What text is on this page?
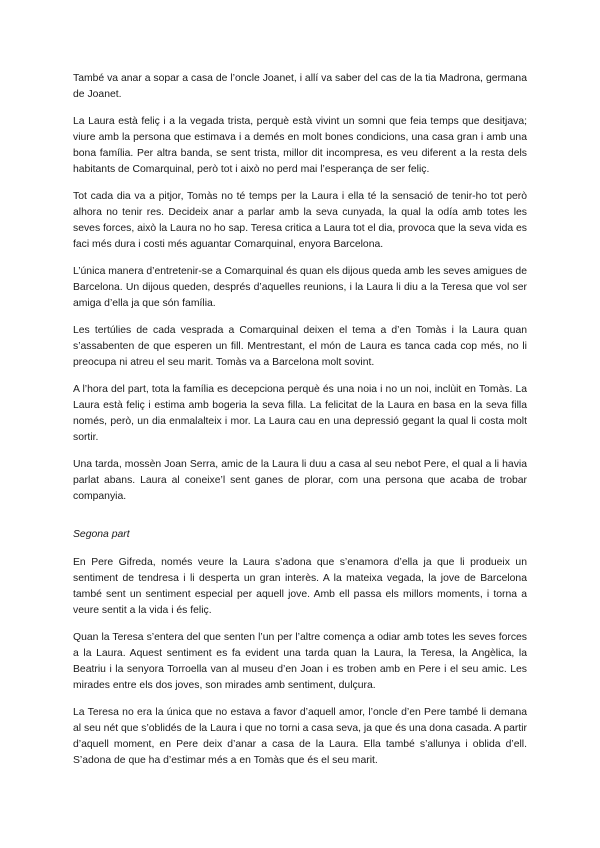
També va anar a sopar a casa de l’oncle Joanet, i allí va saber del cas de la tia Madrona, germana de Joanet.

La Laura està feliç i a la vegada trista, perquè està vivint un somni que feia temps que desitjava; viure amb la persona que estimava i a demés en molt bones condicions, una casa gran i amb una bona família. Per altra banda, se sent trista, millor dit incompresa, es veu diferent a la resta dels habitants de Comarquinal, però tot i això no perd mai l’esperança de ser feliç.

Tot cada dia va a pitjor, Tomàs no té temps per la Laura i ella té la sensació de tenir-ho tot però alhora no tenir res. Decideix anar a parlar amb la seva cunyada, la qual la odía amb totes les seves forces, això la Laura no ho sap. Teresa critica a Laura tot el dia, provoca que la seva vida es faci més dura i costi més aguantar Comarquinal, enyora Barcelona.

L’única manera d’entretenir-se a Comarquinal és quan els dijous queda amb les seves amigues de Barcelona. Un dijous queden, després d’aquelles reunions, i la Laura li diu a la Teresa que vol ser amiga d’ella ja que són família.

Les tertúlies de cada vesprada a Comarquinal deixen el tema a d’en Tomàs i la Laura quan s’assabenten de que esperen un fill. Mentrestant, el món de Laura es tanca cada cop més, no li preocupa ni atreu el seu marit. Tomàs va a Barcelona molt sovint.

A l’hora del part, tota la família es decepciona perquè és una noia i no un noi, inclùit en Tomàs. La Laura està feliç i estima amb bogeria la seva filla. La felicitat de la Laura en basa en la seva filla només, però, un dia enmalalteix i mor. La Laura cau en una depressió gegant la qual li costa molt sortir.

Una tarda, mossèn Joan Serra, amic de la Laura li duu a casa al seu nebot Pere, el qual a li havia parlat abans. Laura al coneixe’l sent ganes de plorar, com una persona que acaba de trobar companyia.

Segona part

En Pere Gifreda, només veure la Laura s’adona que s’enamora d’ella ja que li produeix un sentiment de tendresa i li desperta un gran interès. A la mateixa vegada, la jove de Barcelona també sent un sentiment especial per aquell jove. Amb ell passa els millors moments, i torna a veure sentit a la vida i és feliç.

Quan la Teresa s’entera del que senten l’un per l’altre comença a odiar amb totes les seves forces a la Laura. Aquest sentiment es fa evident una tarda quan la Laura, la Teresa, la Angèlica, la Beatriu i la senyora Torroella van al museu d’en Joan i es troben amb en Pere i el seu amic. Les mirades entre els dos joves, son mirades amb sentiment, dulçura.

La Teresa no era la única que no estava a favor d’aquell amor, l’oncle d’en Pere també li demana al seu nét que s’oblidés de la Laura i que no torni a casa seva, ja que és una dona casada. A partir d’aquell moment, en Pere deix d’anar a casa de la Laura. Ella també s’allunya i oblida d’ell. S’adona de que ha d’estimar més a en Tomàs que és el seu marit.
